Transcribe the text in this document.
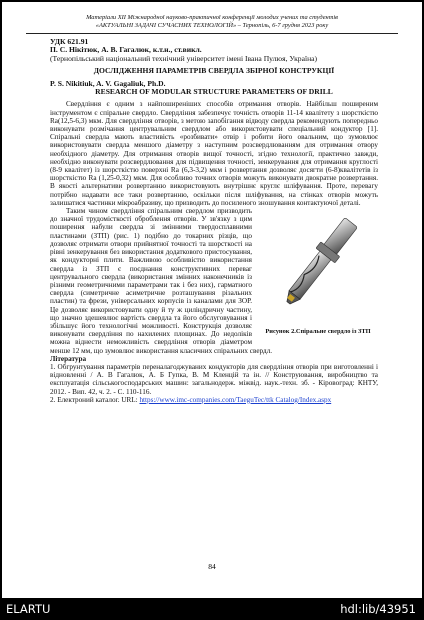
Матеріали XII Міжнародної науково-практичної конференції молодих учених та студентів
«АКТУАЛЬНІ ЗАДАЧІ СУЧАСНИХ ТЕХНОЛОГІЙ» – Тернопіль, 6-7 грудня 2023 року

УДК 621.91

П. С. Нікітюк, А. В. Гагалюк, к.т.н., ст.викл.

(Тернопільський національний технічний університет імені Івана Пулюя, Україна)

ДОСЛІДЖЕННЯ ПАРАМЕТРІВ СВЕРДЛА ЗБІРНОЇ КОНСТРУКЦІЇ

P. S. Nikitiuk, A. V. Gagaliuk, Ph.D.

RESEARCH OF MODULAR STRUCTURE PARAMETERS OF DRILL

Свердління є одним з найпоширеніших способів отримання отворів. Найбільш поширеним інструментом є спіральне свердло. Свердління забезпечує точність отворів 11-14 квалітету з шорсткістю Ra(12,5-6,3) мкм. Для свердління отворів, з метою запобігання відводу свердла рекомендують попередньо виконувати розмічання центрувальним свердлом або використовувати спеціальний кондуктор [1]. Спіральні свердла мають властивість «розбивати» отвір і робити його овальним, що зумовлює використовувати свердла меншого діаметру з наступним розсвердлюванням для отримання отвору необхідного діаметру. Для отримання отворів вищої точності, згідно технології, практично завжди, необхідно виконувати розсвердлювання для підвищення точності, зенкерування для отримання круглості (8-9 квалітет) із шорсткістю поверхні Ra (6,3-3,2) мкм і розвертання дозволяє досягти (6-8)квалітетів із шорсткістю Ra (1,25-0,32) мкм. Для особливо точних отворів можуть виконувати двократне розвертання. В якості альтернативи розвертанню використовують внутрішнє круглє шліфування. Проте, перевагу потрібно надавати все таки розвертанню, оскільки після шліфування, на стінках отворів можуть залишатися частинки мікроабразиву, що призводить до посиленого зношування контактуючої деталі.

Рисунок 2.Спіральне свердло із ЗТП

Таким чином свердління спіральним свердлом призводить до значної трудомісткості оброблення отворів. У зв'язку з цим поширення набули свердла зі змінними твердосплавними пластинами (ЗТП) (рис. 1) подібно до токарних різців, що дозволяє отримати отвори прийнятної точності та шорсткості на рівні зенкерування без використання додаткового пристосування, як кондукторні плити. Важливою особливістю використання свердла із ЗТП є поєднання конструктивних переваг центрувального свердла (використання змінних наконечників із різними геометричними параметрами так і без них), гарматного свердла (симетричне асиметричне розташування різальних пластин) та фрези, універсальних корпусів із каналами для ЗОР. Це дозволяє використовувати одну й ту ж циліндричну частину, що значно здешевлює вартість свердла та його обслуговування і збільшує його технологічні можливості. Конструкція дозволяє виконувати свердління по нахилених площинах. До недоліків можна віднести неможливість свердління отворів діаметром менше 12 мм, що зумовлює використання класичних спіральних свердл.

Література

1. Обгрунтування параметрів переналагоджуваних кондукторів для свердління отворів при виготовленні і відновленні / А. В Гагалюк, А. Б Гупка, В. М Кленцій та ін. // Конструювання, виробництво та експлуатація сільськогосподарських машин: загальнодерж. міжвід. наук.-техн. зб. - Кіровоград: КНТУ, 2012. - Вип. 42, ч. 2. - С. 110-116.

2. Електроний каталог. URL: https://www.imc-companies.com/TaeguTec/ttk Catalog/Index.aspx

84
ELARTU	hdl:lib/43951
